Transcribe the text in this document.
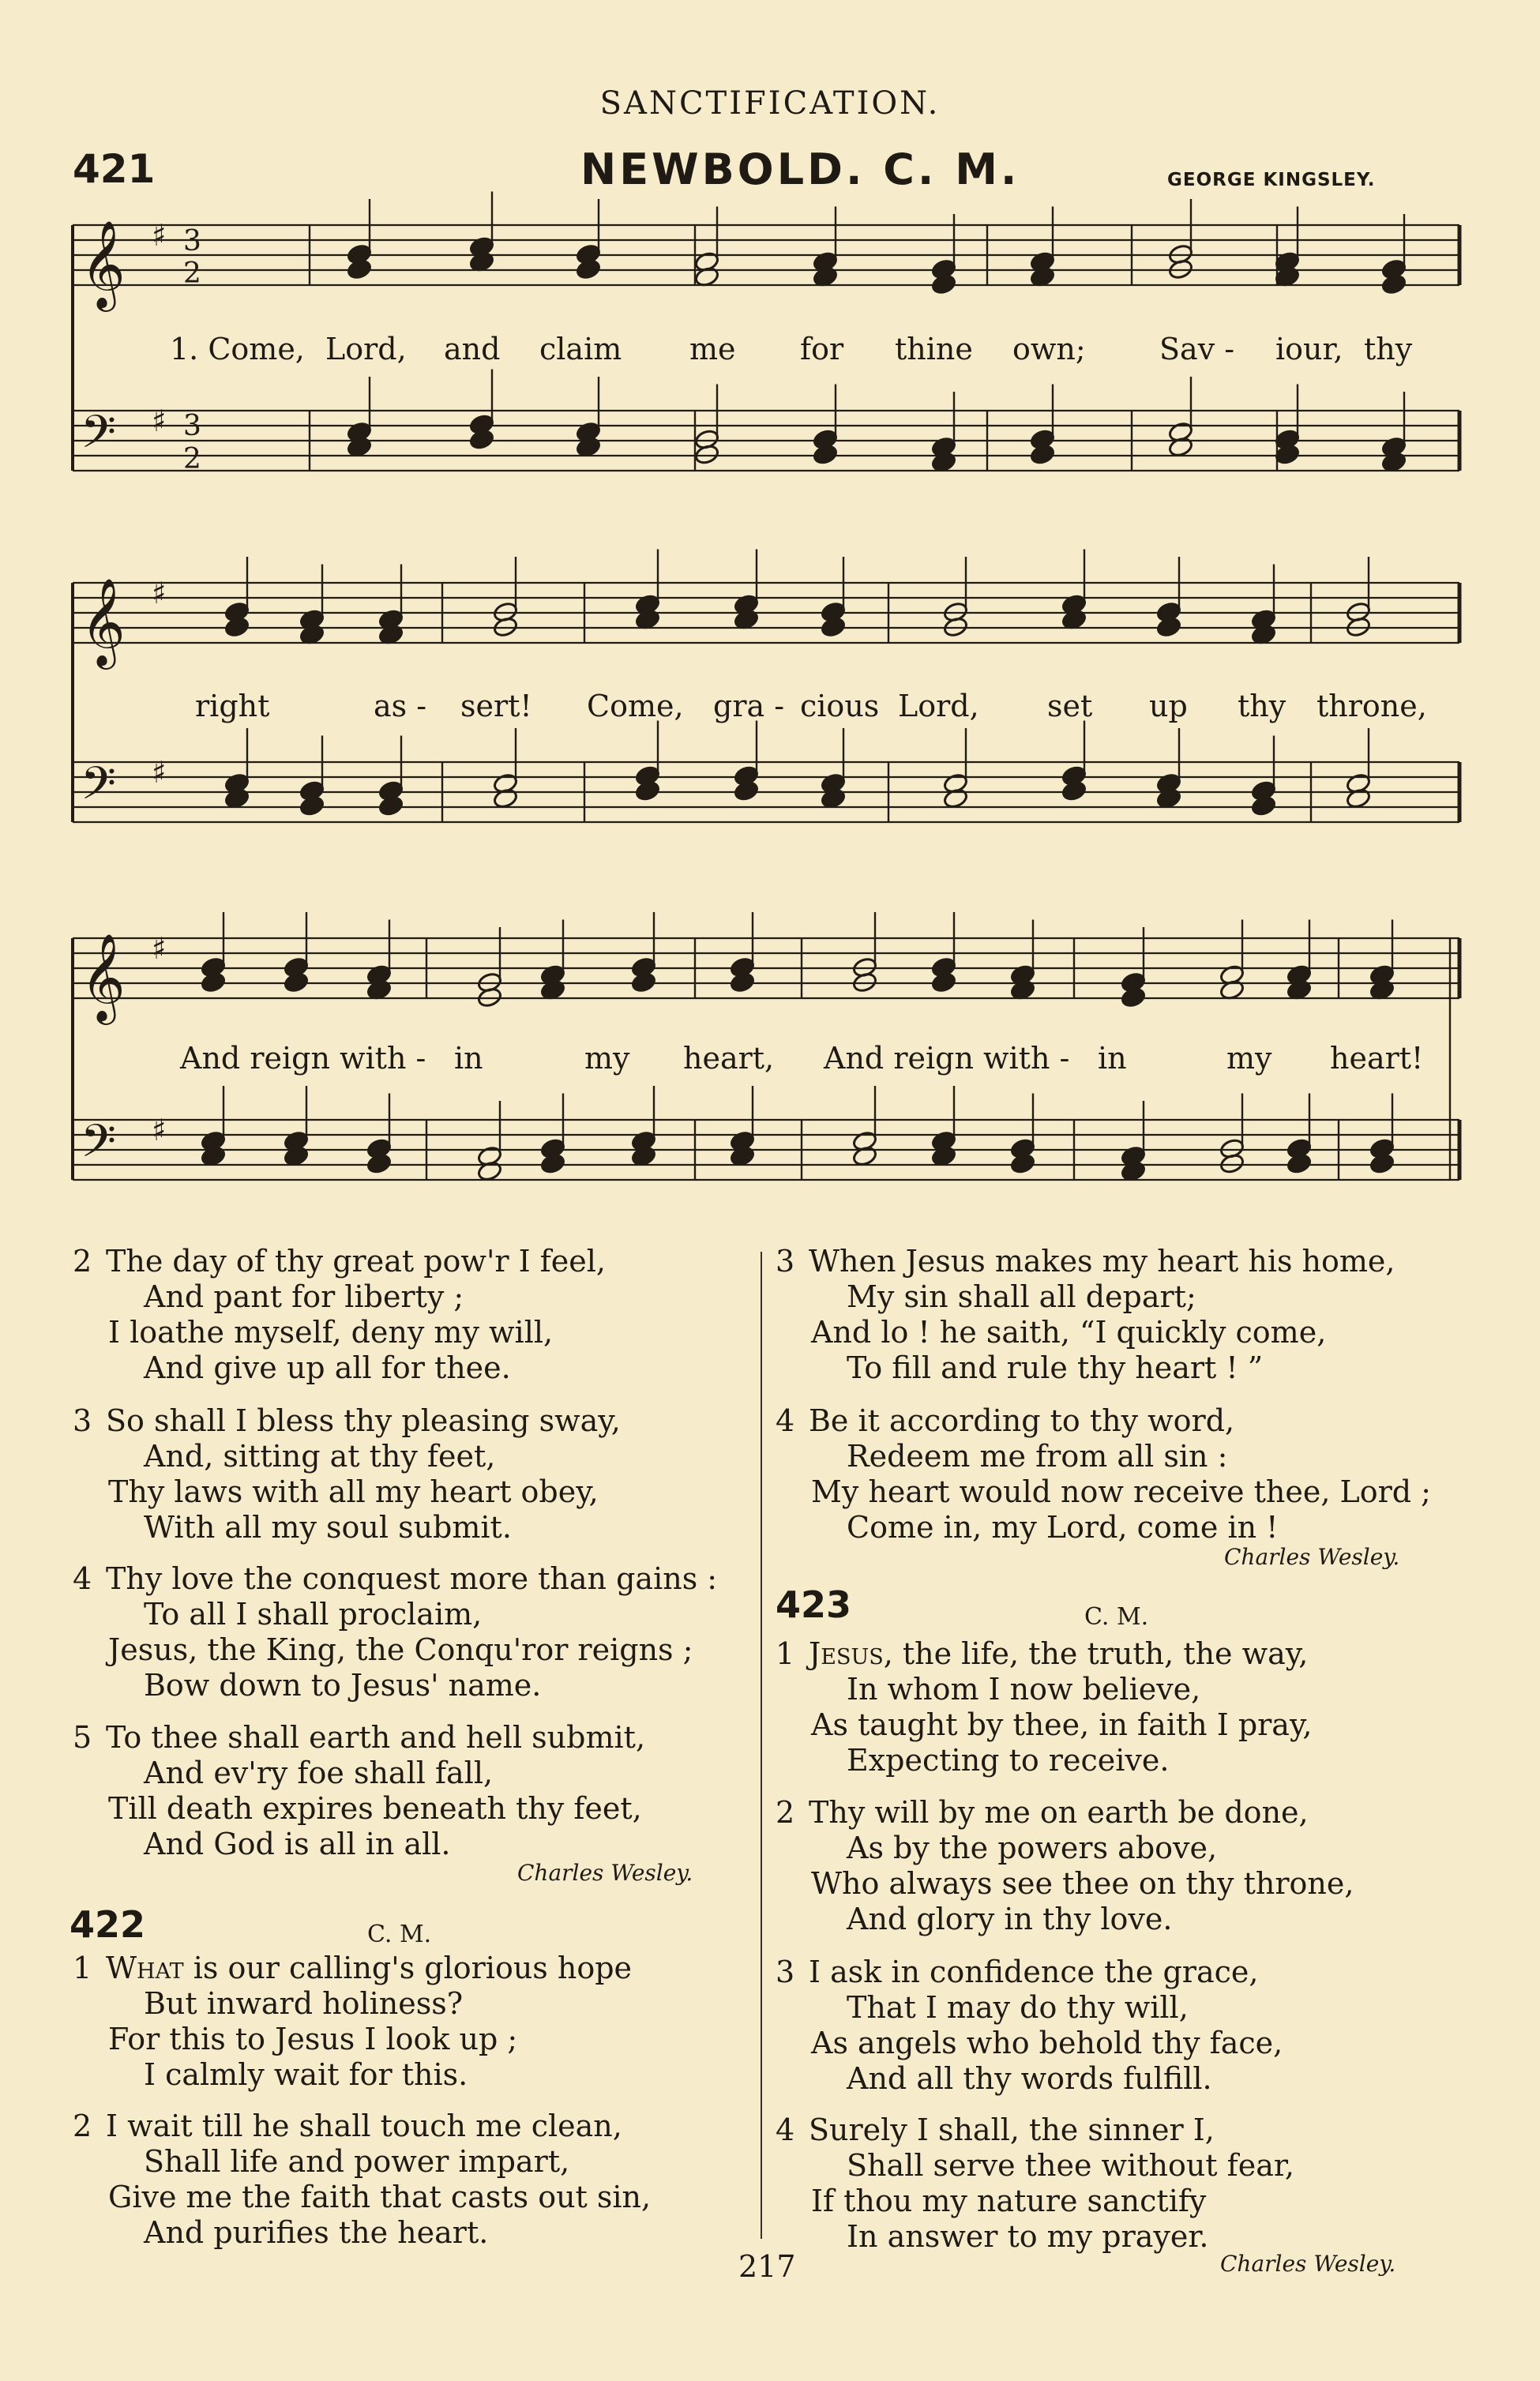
SANCTIFICATION.
421	NEWBOLD. C. M.	GEORGE KINGSLEY.
𝄞 ♯
𝄢 ♯
𝄞 ♯
𝄢 ♯
𝄞 ♯
𝄢 ♯
3
2
3
2
1. Come, Lord, and claim me for thine own; Sav - iour, thy
right	as - sert! Come, gra - cious Lord, set up thy throne,
And reign with - in	my heart, And reign with - in	my heart!
2 The day of thy great pow'r I feel,
And pant for liberty ;
I loathe myself, deny my will,
And give up all for thee.
3 So shall I bless thy pleasing sway,
And, sitting at thy feet,
Thy laws with all my heart obey,
With all my soul submit.
4 Thy love the conquest more than gains :
To all I shall proclaim,
Jesus, the King, the Conqu'ror reigns ;
Bow down to Jesus' name.
5 To thee shall earth and hell submit,
And ev'ry foe shall fall,
Till death expires beneath thy feet,
And God is all in all.
Charles Wesley.
422	C. M.
1 What is our calling's glorious hope
But inward holiness?
For this to Jesus I look up ;
I calmly wait for this.
2 I wait till he shall touch me clean,
Shall life and power impart,
Give me the faith that casts out sin,
And purifies the heart.
3 When Jesus makes my heart his home,
My sin shall all depart;
And lo ! he saith, “I quickly come,
To fill and rule thy heart ! ”
4 Be it according to thy word,
Redeem me from all sin :
My heart would now receive thee, Lord ;
Come in, my Lord, come in !
Charles Wesley.
423	C. M.
1 Jesus, the life, the truth, the way,
In whom I now believe,
As taught by thee, in faith I pray,
Expecting to receive.
2 Thy will by me on earth be done,
As by the powers above,
Who always see thee on thy throne,
And glory in thy love.
3 I ask in confidence the grace,
That I may do thy will,
As angels who behold thy face,
And all thy words fulfill.
4 Surely I shall, the sinner I,
Shall serve thee without fear,
If thou my nature sanctify
In answer to my prayer.
Charles Wesley.
217
